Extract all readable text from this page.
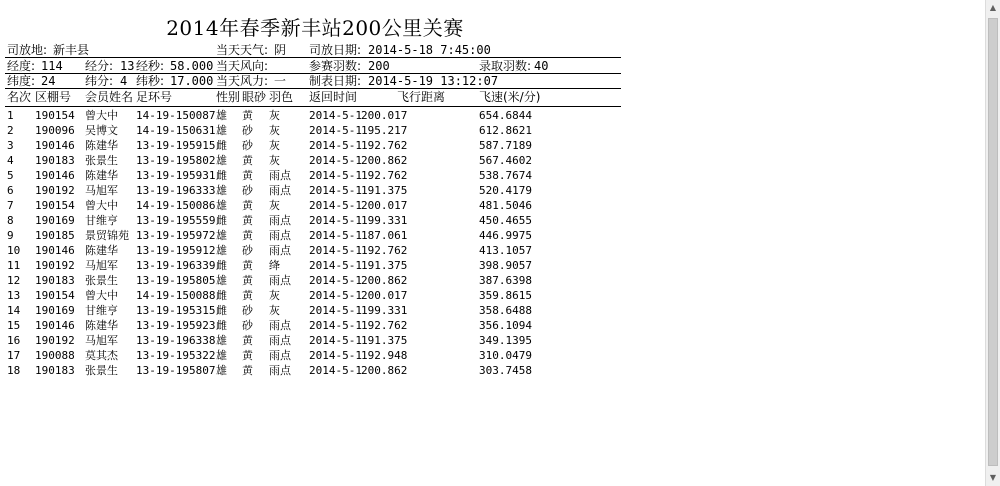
2014年春季新丰站200公里关赛
司放地: 新丰县	当天天气: 阴 司放日期: 2014-5-18 7:45:00
经度: 114 经分: 13 经秒: 58.000 当天风向:	参赛羽数: 200	录取羽数: 40
纬度: 24 纬分: 4 纬秒: 17.000 当天风力: 一 制表日期: 2014-5-19 13:12:07
名次 区棚号 会员姓名 足环号	性别 眼砂 羽色 返回时间	飞行距离	飞速(米/分)
1 190154 曾大中 14-19-150087 雄 黄 灰	2014-5-1 200.017	654.6844
2 190096 吴博文 14-19-150631 雄 砂 灰	2014-5-1 195.217	612.8621
3 190146 陈建华 13-19-195915 雌 砂 灰	2014-5-1 192.762	587.7189
4 190183 张景生 13-19-195802 雄 黄 灰	2014-5-1 200.862	567.4602
5 190146 陈建华 13-19-195931 雌 黄 雨点 2014-5-1 192.762	538.7674
6 190192 马旭军 13-19-196333 雄 砂 雨点 2014-5-1 191.375	520.4179
7 190154 曾大中 14-19-150086 雄 黄 灰	2014-5-1 200.017	481.5046
8 190169 甘维亨 13-19-195559 雌 黄 雨点 2014-5-1 199.331	450.4655
9 190185 景贸锦苑 13-19-195972 雄 黄 雨点 2014-5-1 187.061	446.9975
10 190146 陈建华 13-19-195912 雄 砂 雨点 2014-5-1 192.762	413.1057
11 190192 马旭军 13-19-196339 雌 黄 绛	2014-5-1 191.375	398.9057
12 190183 张景生 13-19-195805 雄 黄 雨点 2014-5-1 200.862	387.6398
13 190154 曾大中 14-19-150088 雌 黄 灰	2014-5-1 200.017	359.8615
14 190169 甘维亨 13-19-195315 雌 砂 灰	2014-5-1 199.331	358.6488
15 190146 陈建华 13-19-195923 雌 砂 雨点 2014-5-1 192.762	356.1094
16 190192 马旭军 13-19-196338 雄 黄 雨点 2014-5-1 191.375	349.1395
17 190088 莫其杰 13-19-195322 雄 黄 雨点 2014-5-1 192.948	310.0479
18 190183 张景生 13-19-195807 雄 黄 雨点 2014-5-1 200.862	303.7458
▲
▼
